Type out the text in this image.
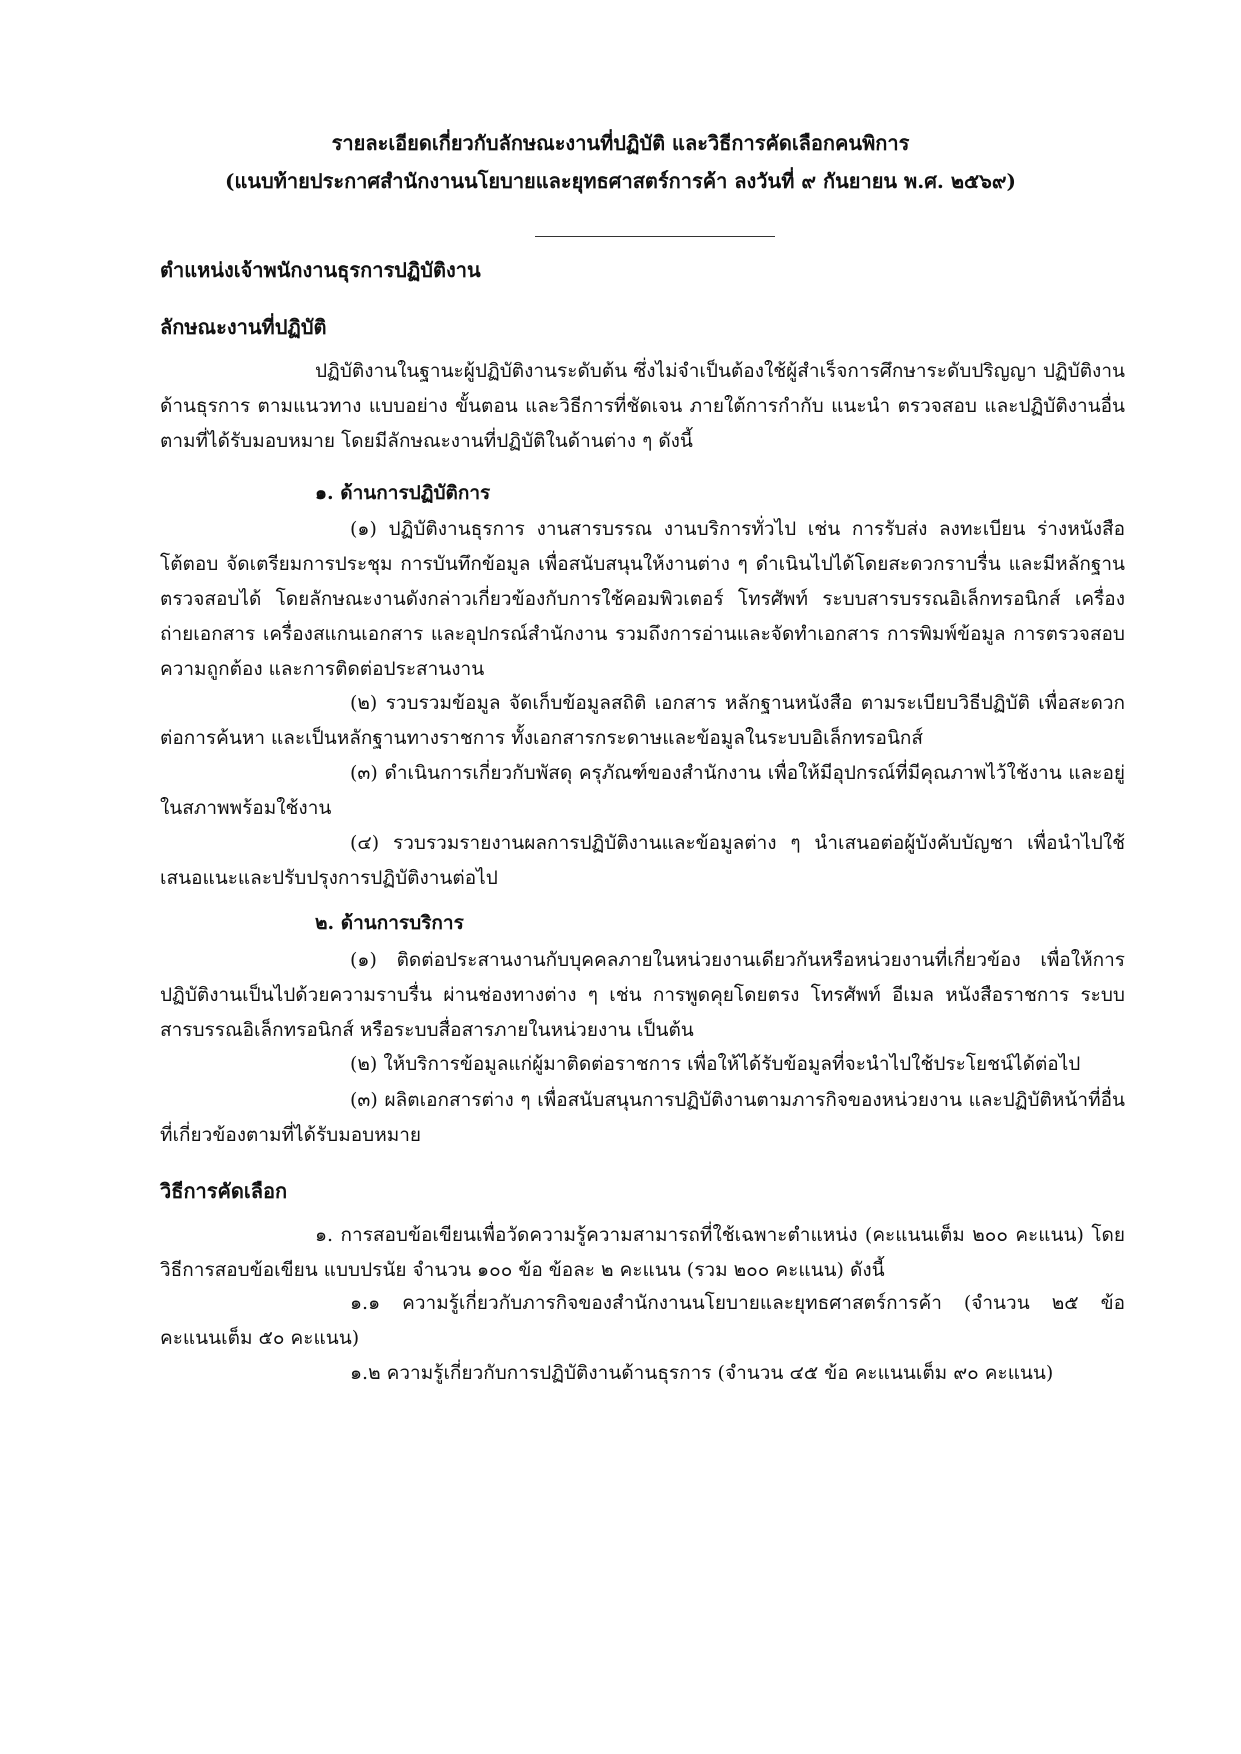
รายละเอียดเกี่ยวกับลักษณะงานที่ปฏิบัติ และวิธีการคัดเลือกคนพิการ
(แนบท้ายประกาศสำนักงานนโยบายและยุทธศาสตร์การค้า ลงวันที่ ๙ กันยายน พ.ศ. ๒๕๖๙)
ตำแหน่งเจ้าพนักงานธุรการปฏิบัติงาน
ลักษณะงานที่ปฏิบัติ

ปฏิบัติงานในฐานะผู้ปฏิบัติงานระดับต้น ซึ่งไม่จำเป็นต้องใช้ผู้สำเร็จการศึกษาระดับปริญญา ปฏิบัติงานด้านธุรการ ตามแนวทาง แบบอย่าง ขั้นตอน และวิธีการที่ชัดเจน ภายใต้การกำกับ แนะนำ ตรวจสอบ และปฏิบัติงานอื่นตามที่ได้รับมอบหมาย โดยมีลักษณะงานที่ปฏิบัติในด้านต่าง ๆ ดังนี้

๑. ด้านการปฏิบัติการ

(๑) ปฏิบัติงานธุรการ งานสารบรรณ งานบริการทั่วไป เช่น การรับส่ง ลงทะเบียน ร่างหนังสือโต้ตอบ จัดเตรียมการประชุม การบันทึกข้อมูล เพื่อสนับสนุนให้งานต่าง ๆ ดำเนินไปได้โดยสะดวกราบรื่น และมีหลักฐานตรวจสอบได้ โดยลักษณะงานดังกล่าวเกี่ยวข้องกับการใช้คอมพิวเตอร์ โทรศัพท์ ระบบสารบรรณอิเล็กทรอนิกส์ เครื่องถ่ายเอกสาร เครื่องสแกนเอกสาร และอุปกรณ์สำนักงาน รวมถึงการอ่านและจัดทำเอกสาร การพิมพ์ข้อมูล การตรวจสอบความถูกต้อง และการติดต่อประสานงาน

(๒) รวบรวมข้อมูล จัดเก็บข้อมูลสถิติ เอกสาร หลักฐานหนังสือ ตามระเบียบวิธีปฏิบัติ เพื่อสะดวกต่อการค้นหา และเป็นหลักฐานทางราชการ ทั้งเอกสารกระดาษและข้อมูลในระบบอิเล็กทรอนิกส์

(๓) ดำเนินการเกี่ยวกับพัสดุ ครุภัณฑ์ของสำนักงาน เพื่อให้มีอุปกรณ์ที่มีคุณภาพไว้ใช้งาน และอยู่ในสภาพพร้อมใช้งาน

(๔) รวบรวมรายงานผลการปฏิบัติงานและข้อมูลต่าง ๆ นำเสนอต่อผู้บังคับบัญชา เพื่อนำไปใช้เสนอแนะและปรับปรุงการปฏิบัติงานต่อไป

๒. ด้านการบริการ

(๑) ติดต่อประสานงานกับบุคคลภายในหน่วยงานเดียวกันหรือหน่วยงานที่เกี่ยวข้อง เพื่อให้การปฏิบัติงานเป็นไปด้วยความราบรื่น ผ่านช่องทางต่าง ๆ เช่น การพูดคุยโดยตรง โทรศัพท์ อีเมล หนังสือราชการ ระบบสารบรรณอิเล็กทรอนิกส์ หรือระบบสื่อสารภายในหน่วยงาน เป็นต้น

(๒) ให้บริการข้อมูลแก่ผู้มาติดต่อราชการ เพื่อให้ได้รับข้อมูลที่จะนำไปใช้ประโยชน์ได้ต่อไป

(๓) ผลิตเอกสารต่าง ๆ เพื่อสนับสนุนการปฏิบัติงานตามภารกิจของหน่วยงาน และปฏิบัติหน้าที่อื่นที่เกี่ยวข้องตามที่ได้รับมอบหมาย

วิธีการคัดเลือก

๑. การสอบข้อเขียนเพื่อวัดความรู้ความสามารถที่ใช้เฉพาะตำแหน่ง (คะแนนเต็ม ๒๐๐ คะแนน) โดยวิธีการสอบข้อเขียน แบบปรนัย จำนวน ๑๐๐ ข้อ ข้อละ ๒ คะแนน (รวม ๒๐๐ คะแนน) ดังนี้

๑.๑ ความรู้เกี่ยวกับภารกิจของสำนักงานนโยบายและยุทธศาสตร์การค้า (จำนวน ๒๕ ข้อ คะแนนเต็ม ๕๐ คะแนน)

๑.๒ ความรู้เกี่ยวกับการปฏิบัติงานด้านธุรการ (จำนวน ๔๕ ข้อ คะแนนเต็ม ๙๐ คะแนน)
